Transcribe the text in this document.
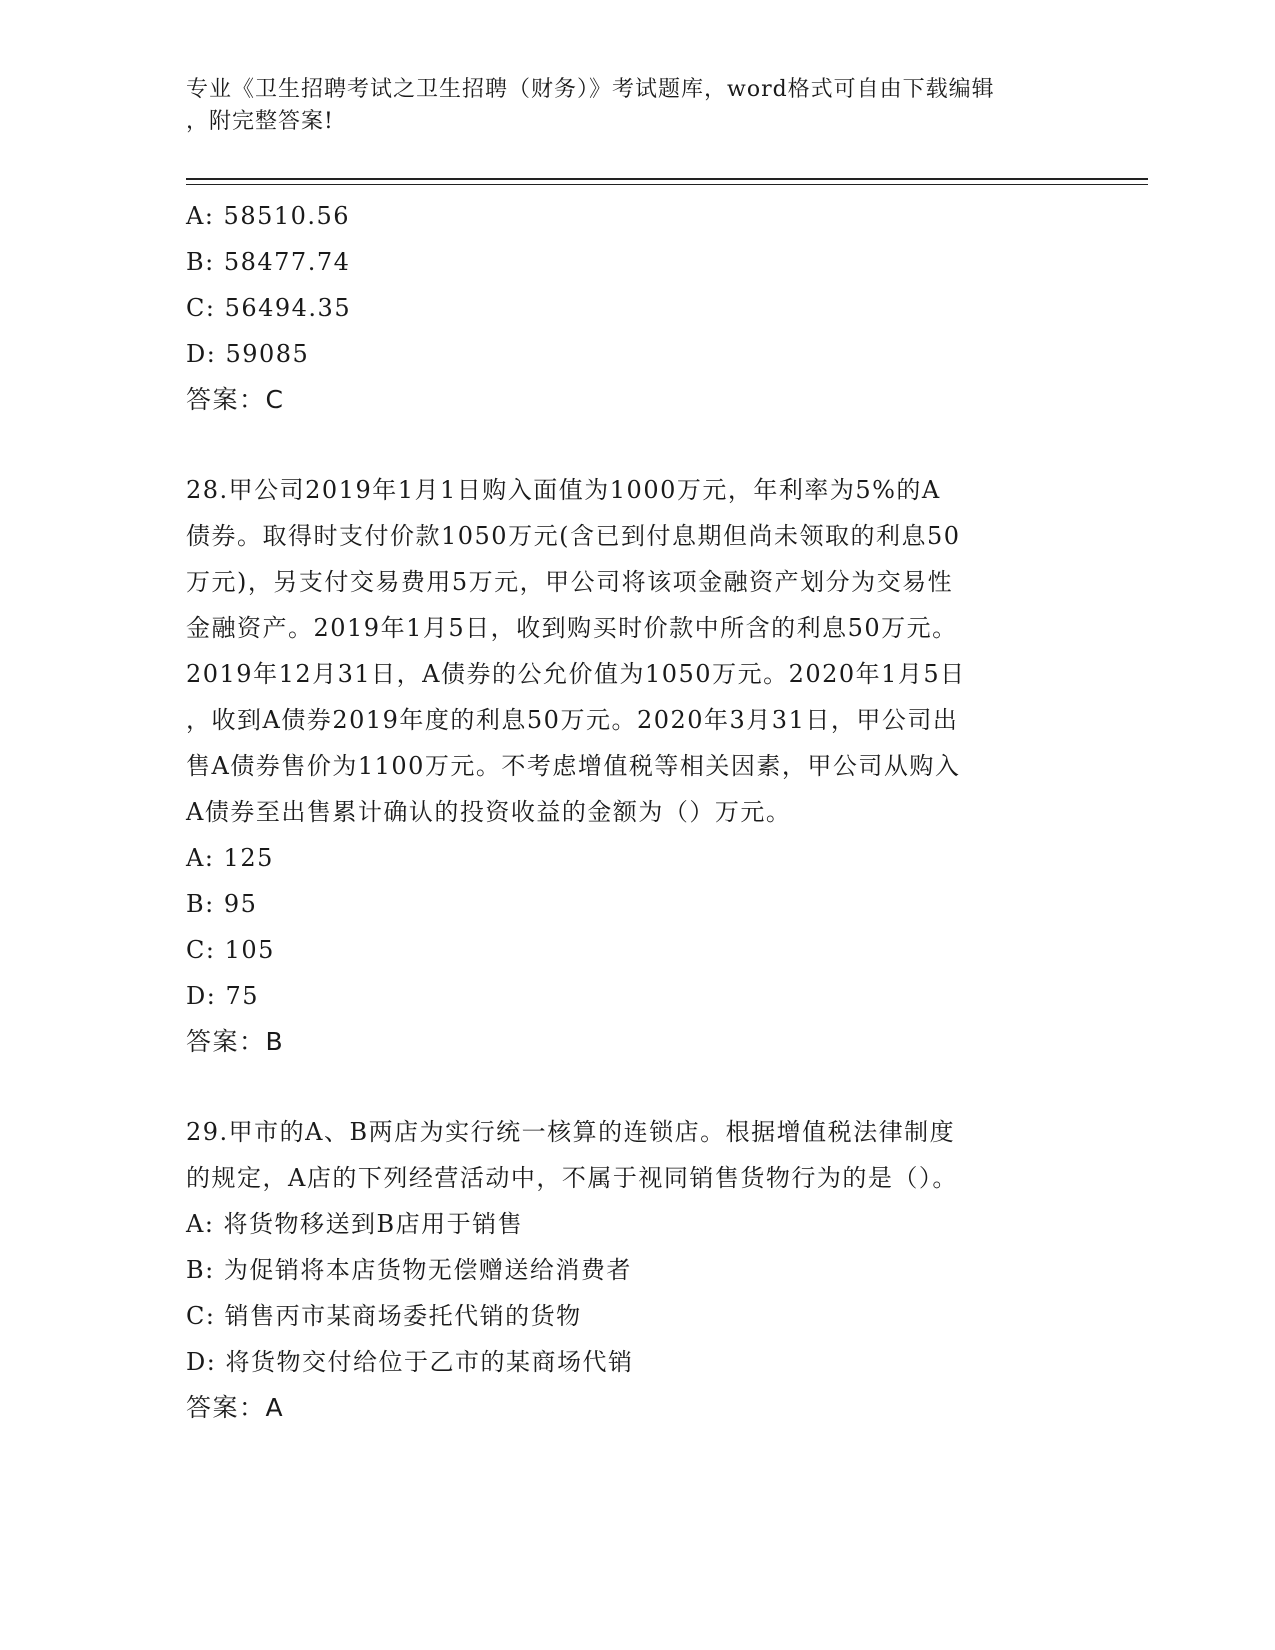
专业《卫生招聘考试之卫生招聘（财务）》考试题库，word格式可自由下载编辑
，附完整答案!
A: 58510.56
B: 58477.74
C: 56494.35
D: 59085
答案：C
28.甲公司2019年1月1日购入面值为1000万元，年利率为5%的A
债券。取得时支付价款1050万元(含已到付息期但尚未领取的利息50
万元)，另支付交易费用5万元，甲公司将该项金融资产划分为交易性
金融资产。2019年1月5日，收到购买时价款中所含的利息50万元。
2019年12月31日，A债券的公允价值为1050万元。2020年1月5日
，收到A债券2019年度的利息50万元。2020年3月31日，甲公司出
售A债券售价为1100万元。不考虑增值税等相关因素，甲公司从购入
A债券至出售累计确认的投资收益的金额为（）万元。
A: 125
B: 95
C: 105
D: 75
答案：B
29.甲市的A、B两店为实行统一核算的连锁店。根据增值税法律制度
的规定，A店的下列经营活动中，不属于视同销售货物行为的是（）。
A: 将货物移送到B店用于销售
B: 为促销将本店货物无偿赠送给消费者
C: 销售丙市某商场委托代销的货物
D: 将货物交付给位于乙市的某商场代销
答案：A
